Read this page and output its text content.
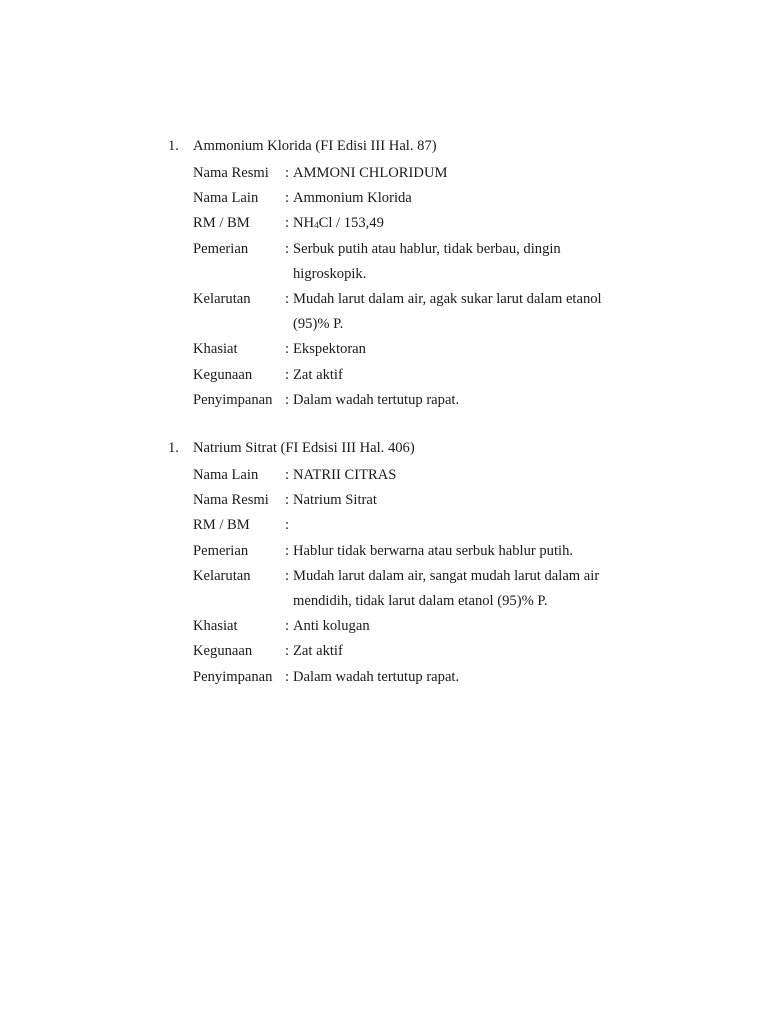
1. Ammonium Klorida (FI Edisi III Hal. 87)
Nama Resmi	: AMMONI CHLORIDUM
Nama Lain	: Ammonium Klorida
RM / BM	: $NH_4Cl / 153,49$
Pemerian	: Serbuk putih atau hablur, tidak berbau, dingin
higroskopik.
Kelarutan	: Mudah larut dalam air, agak sukar larut dalam etanol
(95)% P.
Khasiat	: Ekspektoran
Kegunaan	: Zat aktif
Penyimpanan : Dalam wadah tertutup rapat.
1. Natrium Sitrat (FI Edsisi III Hal. 406)
Nama Lain	: NATRII CITRAS
Nama Resmi	: Natrium Sitrat
RM / BM	:
Pemerian	: Hablur tidak berwarna atau serbuk hablur putih.
Kelarutan	: Mudah larut dalam air, sangat mudah larut dalam air
mendidih, tidak larut dalam etanol (95)% P.
Khasiat	: Anti kolugan
Kegunaan	: Zat aktif
Penyimpanan : Dalam wadah tertutup rapat.
